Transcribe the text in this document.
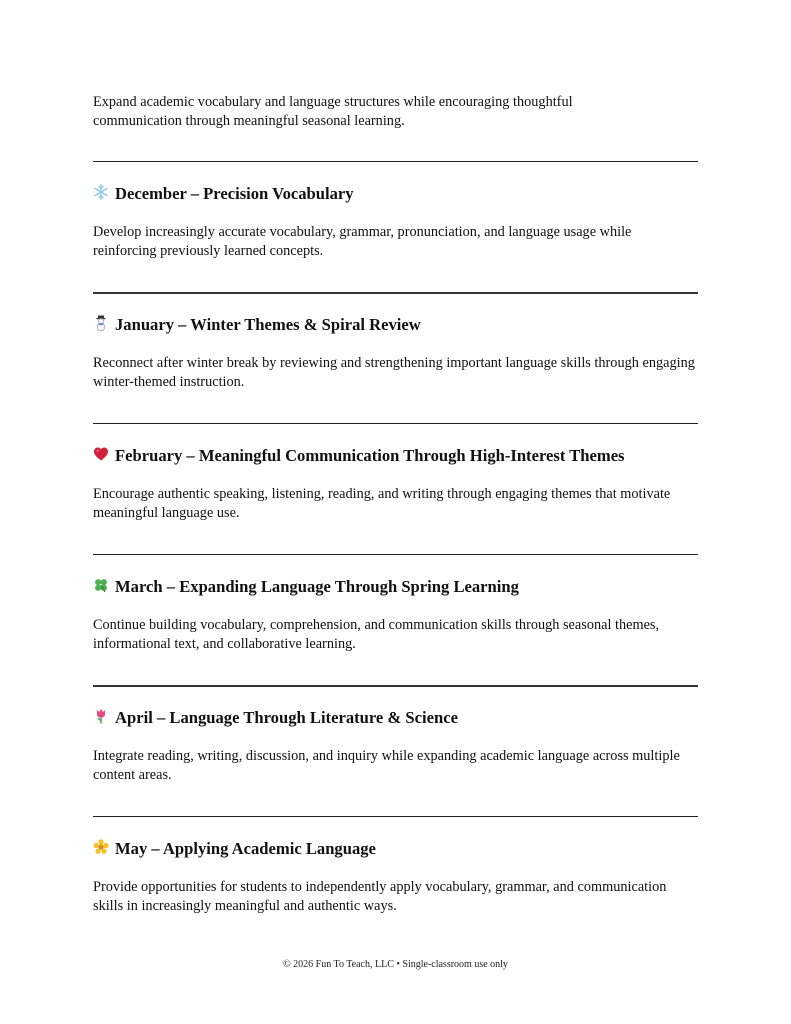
Expand academic vocabulary and language structures while encouraging thoughtful communication through meaningful seasonal learning.

December – Precision Vocabulary

Develop increasingly accurate vocabulary, grammar, pronunciation, and language usage while reinforcing previously learned concepts.

January – Winter Themes & Spiral Review

Reconnect after winter break by reviewing and strengthening important language skills through engaging winter-themed instruction.

February – Meaningful Communication Through High-Interest Themes

Encourage authentic speaking, listening, reading, and writing through engaging themes that motivate meaningful language use.

March – Expanding Language Through Spring Learning

Continue building vocabulary, comprehension, and communication skills through seasonal themes, informational text, and collaborative learning.

April – Language Through Literature & Science

Integrate reading, writing, discussion, and inquiry while expanding academic language across multiple content areas.

May – Applying Academic Language

Provide opportunities for students to independently apply vocabulary, grammar, and communication skills in increasingly meaningful and authentic ways.

© 2026 Fun To Teach, LLC • Single-classroom use only
